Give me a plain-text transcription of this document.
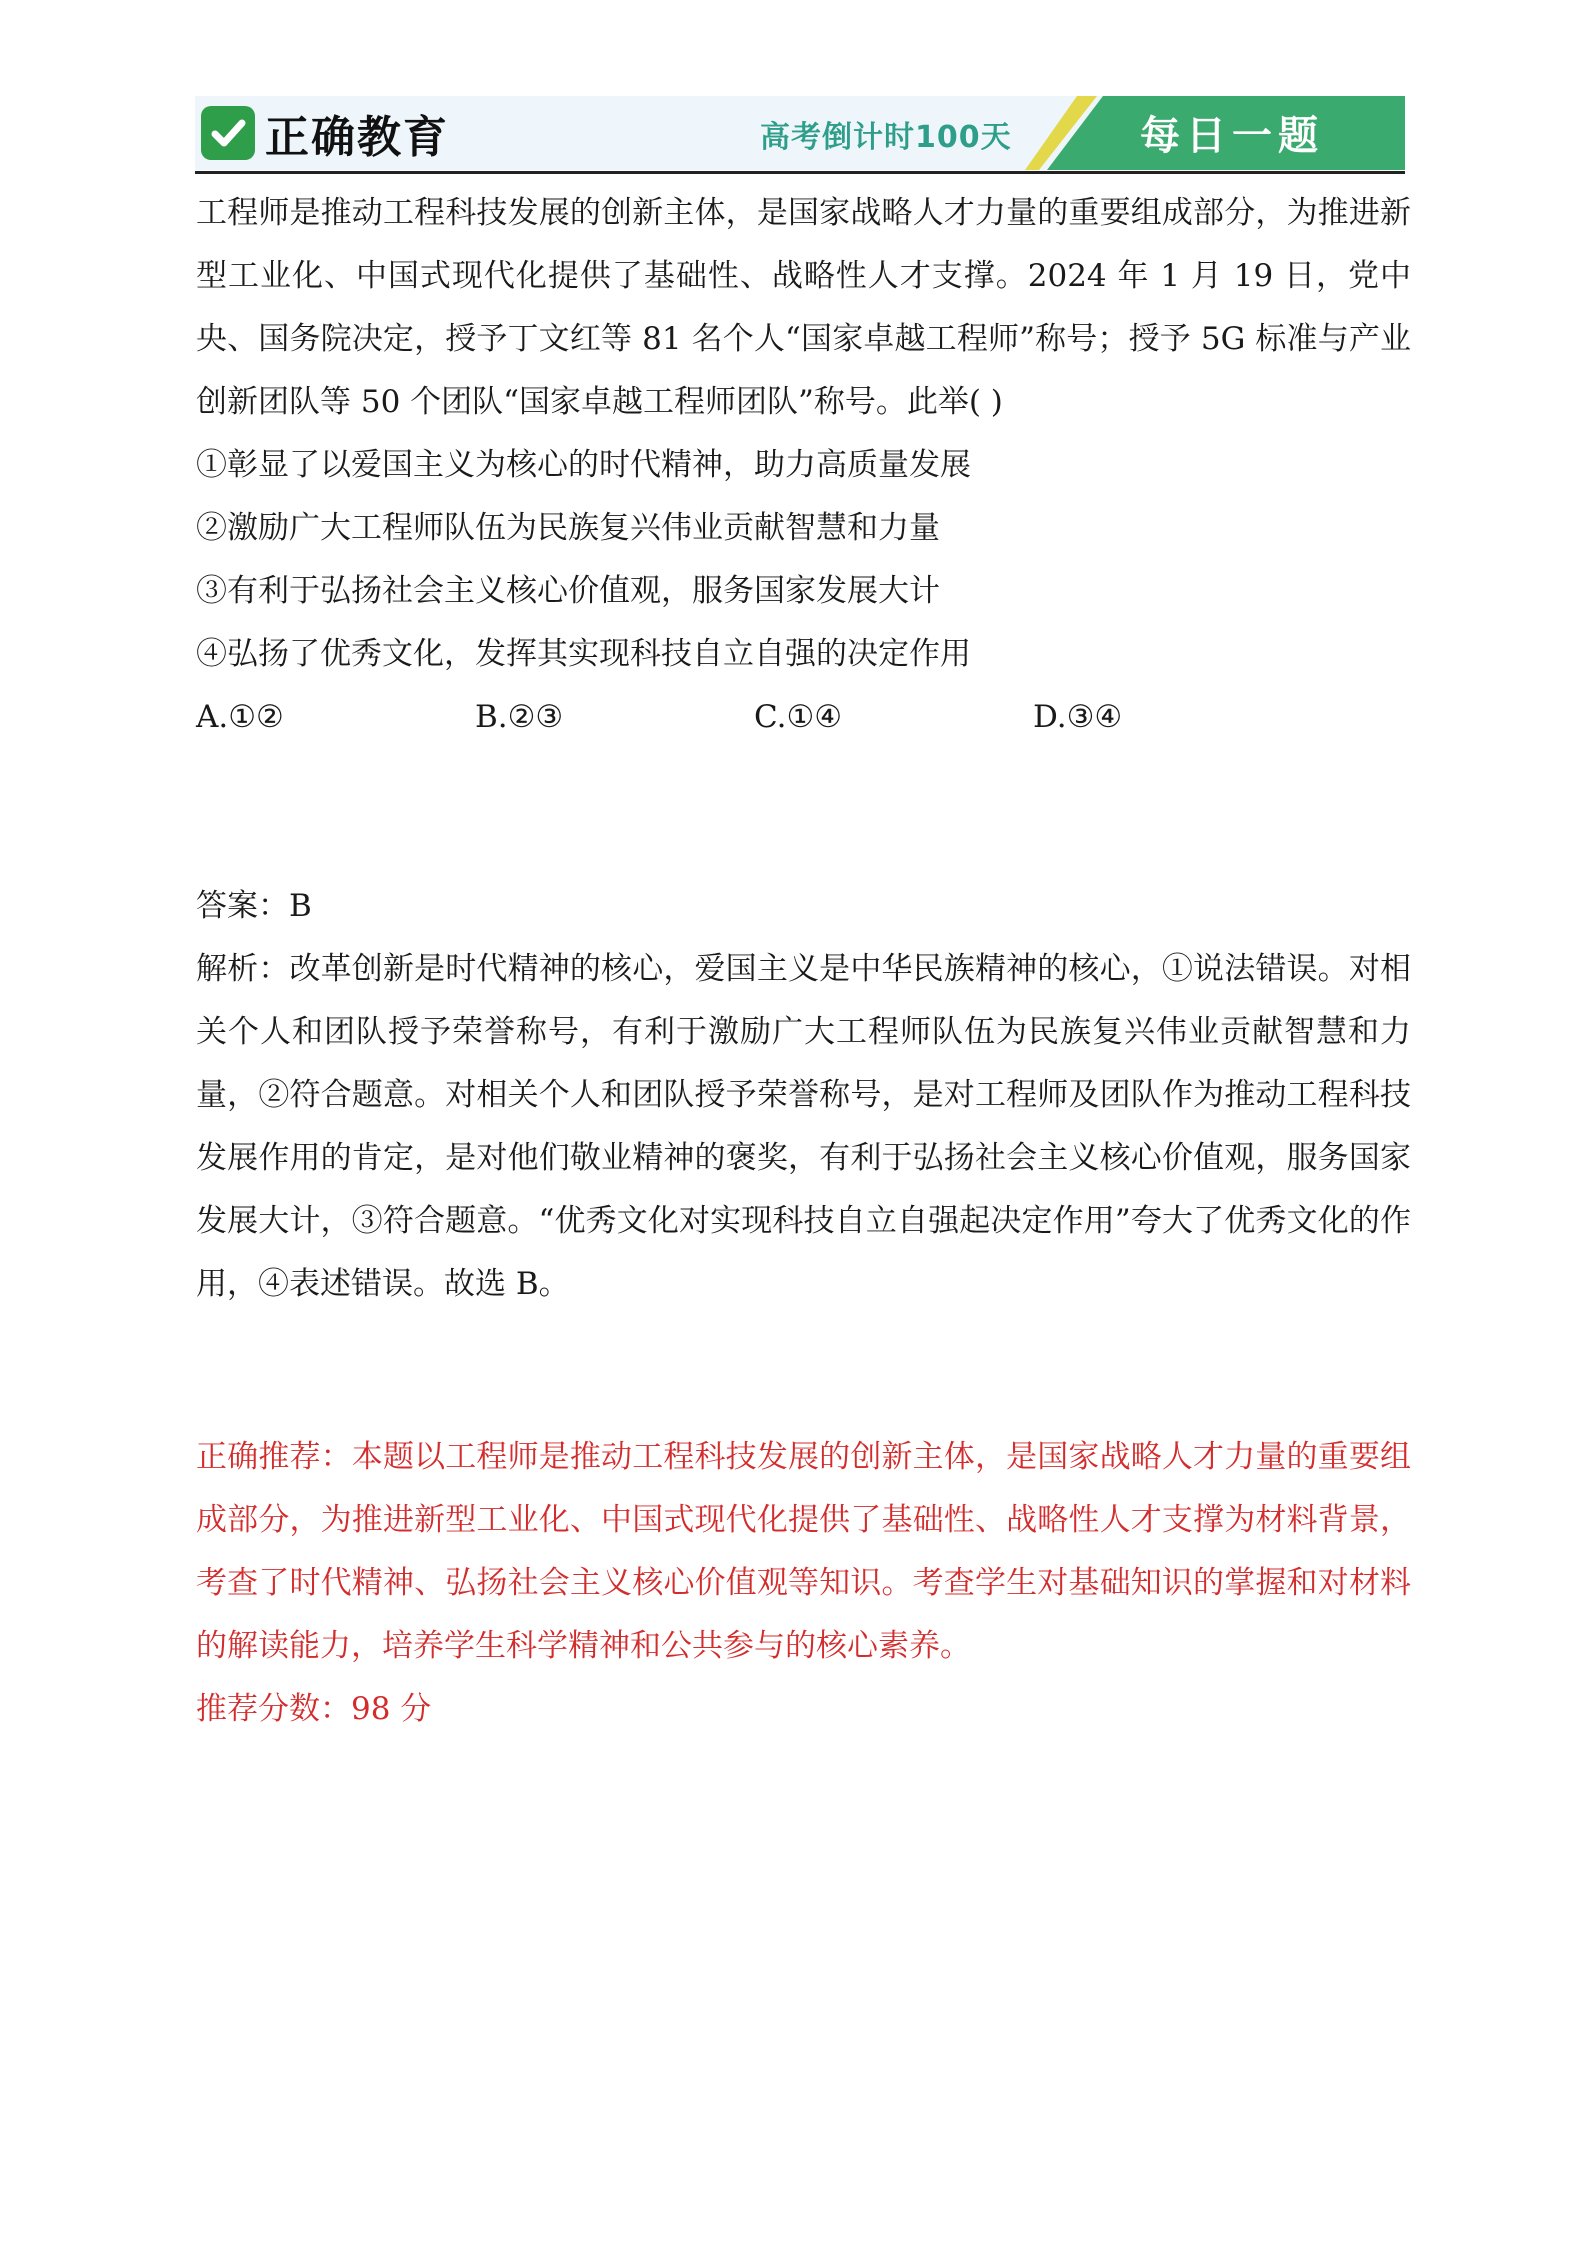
正确教育	高考倒计时100天	每日一题

工程师是推动工程科技发展的创新主体，是国家战略人才力量的重要组成部分，为推进新型工业化、中国式现代化提供了基础性、战略性人才支撑。2024 年 1 月 19 日，党中央、国务院决定，授予丁文红等 81 名个人“国家卓越工程师”称号；授予 5G 标准与产业创新团队等 50 个团队“国家卓越工程师团队”称号。此举( )

①彰显了以爱国主义为核心的时代精神，助力高质量发展

②激励广大工程师队伍为民族复兴伟业贡献智慧和力量

③有利于弘扬社会主义核心价值观，服务国家发展大计

④弘扬了优秀文化，发挥其实现科技自立自强的决定作用

A.①②	B.②③	C.①④	D.③④

答案：B

解析：改革创新是时代精神的核心，爱国主义是中华民族精神的核心，①说法错误。对相关个人和团队授予荣誉称号，有利于激励广大工程师队伍为民族复兴伟业贡献智慧和力量，②符合题意。对相关个人和团队授予荣誉称号，是对工程师及团队作为推动工程科技发展作用的肯定，是对他们敬业精神的褒奖，有利于弘扬社会主义核心价值观，服务国家发展大计，③符合题意。“优秀文化对实现科技自立自强起决定作用”夸大了优秀文化的作用，④表述错误。故选 B。

正确推荐：本题以工程师是推动工程科技发展的创新主体，是国家战略人才力量的重要组成部分，为推进新型工业化、中国式现代化提供了基础性、战略性人才支撑为材料背景，考查了时代精神、弘扬社会主义核心价值观等知识。考查学生对基础知识的掌握和对材料的解读能力，培养学生科学精神和公共参与的核心素养。

推荐分数：98 分
